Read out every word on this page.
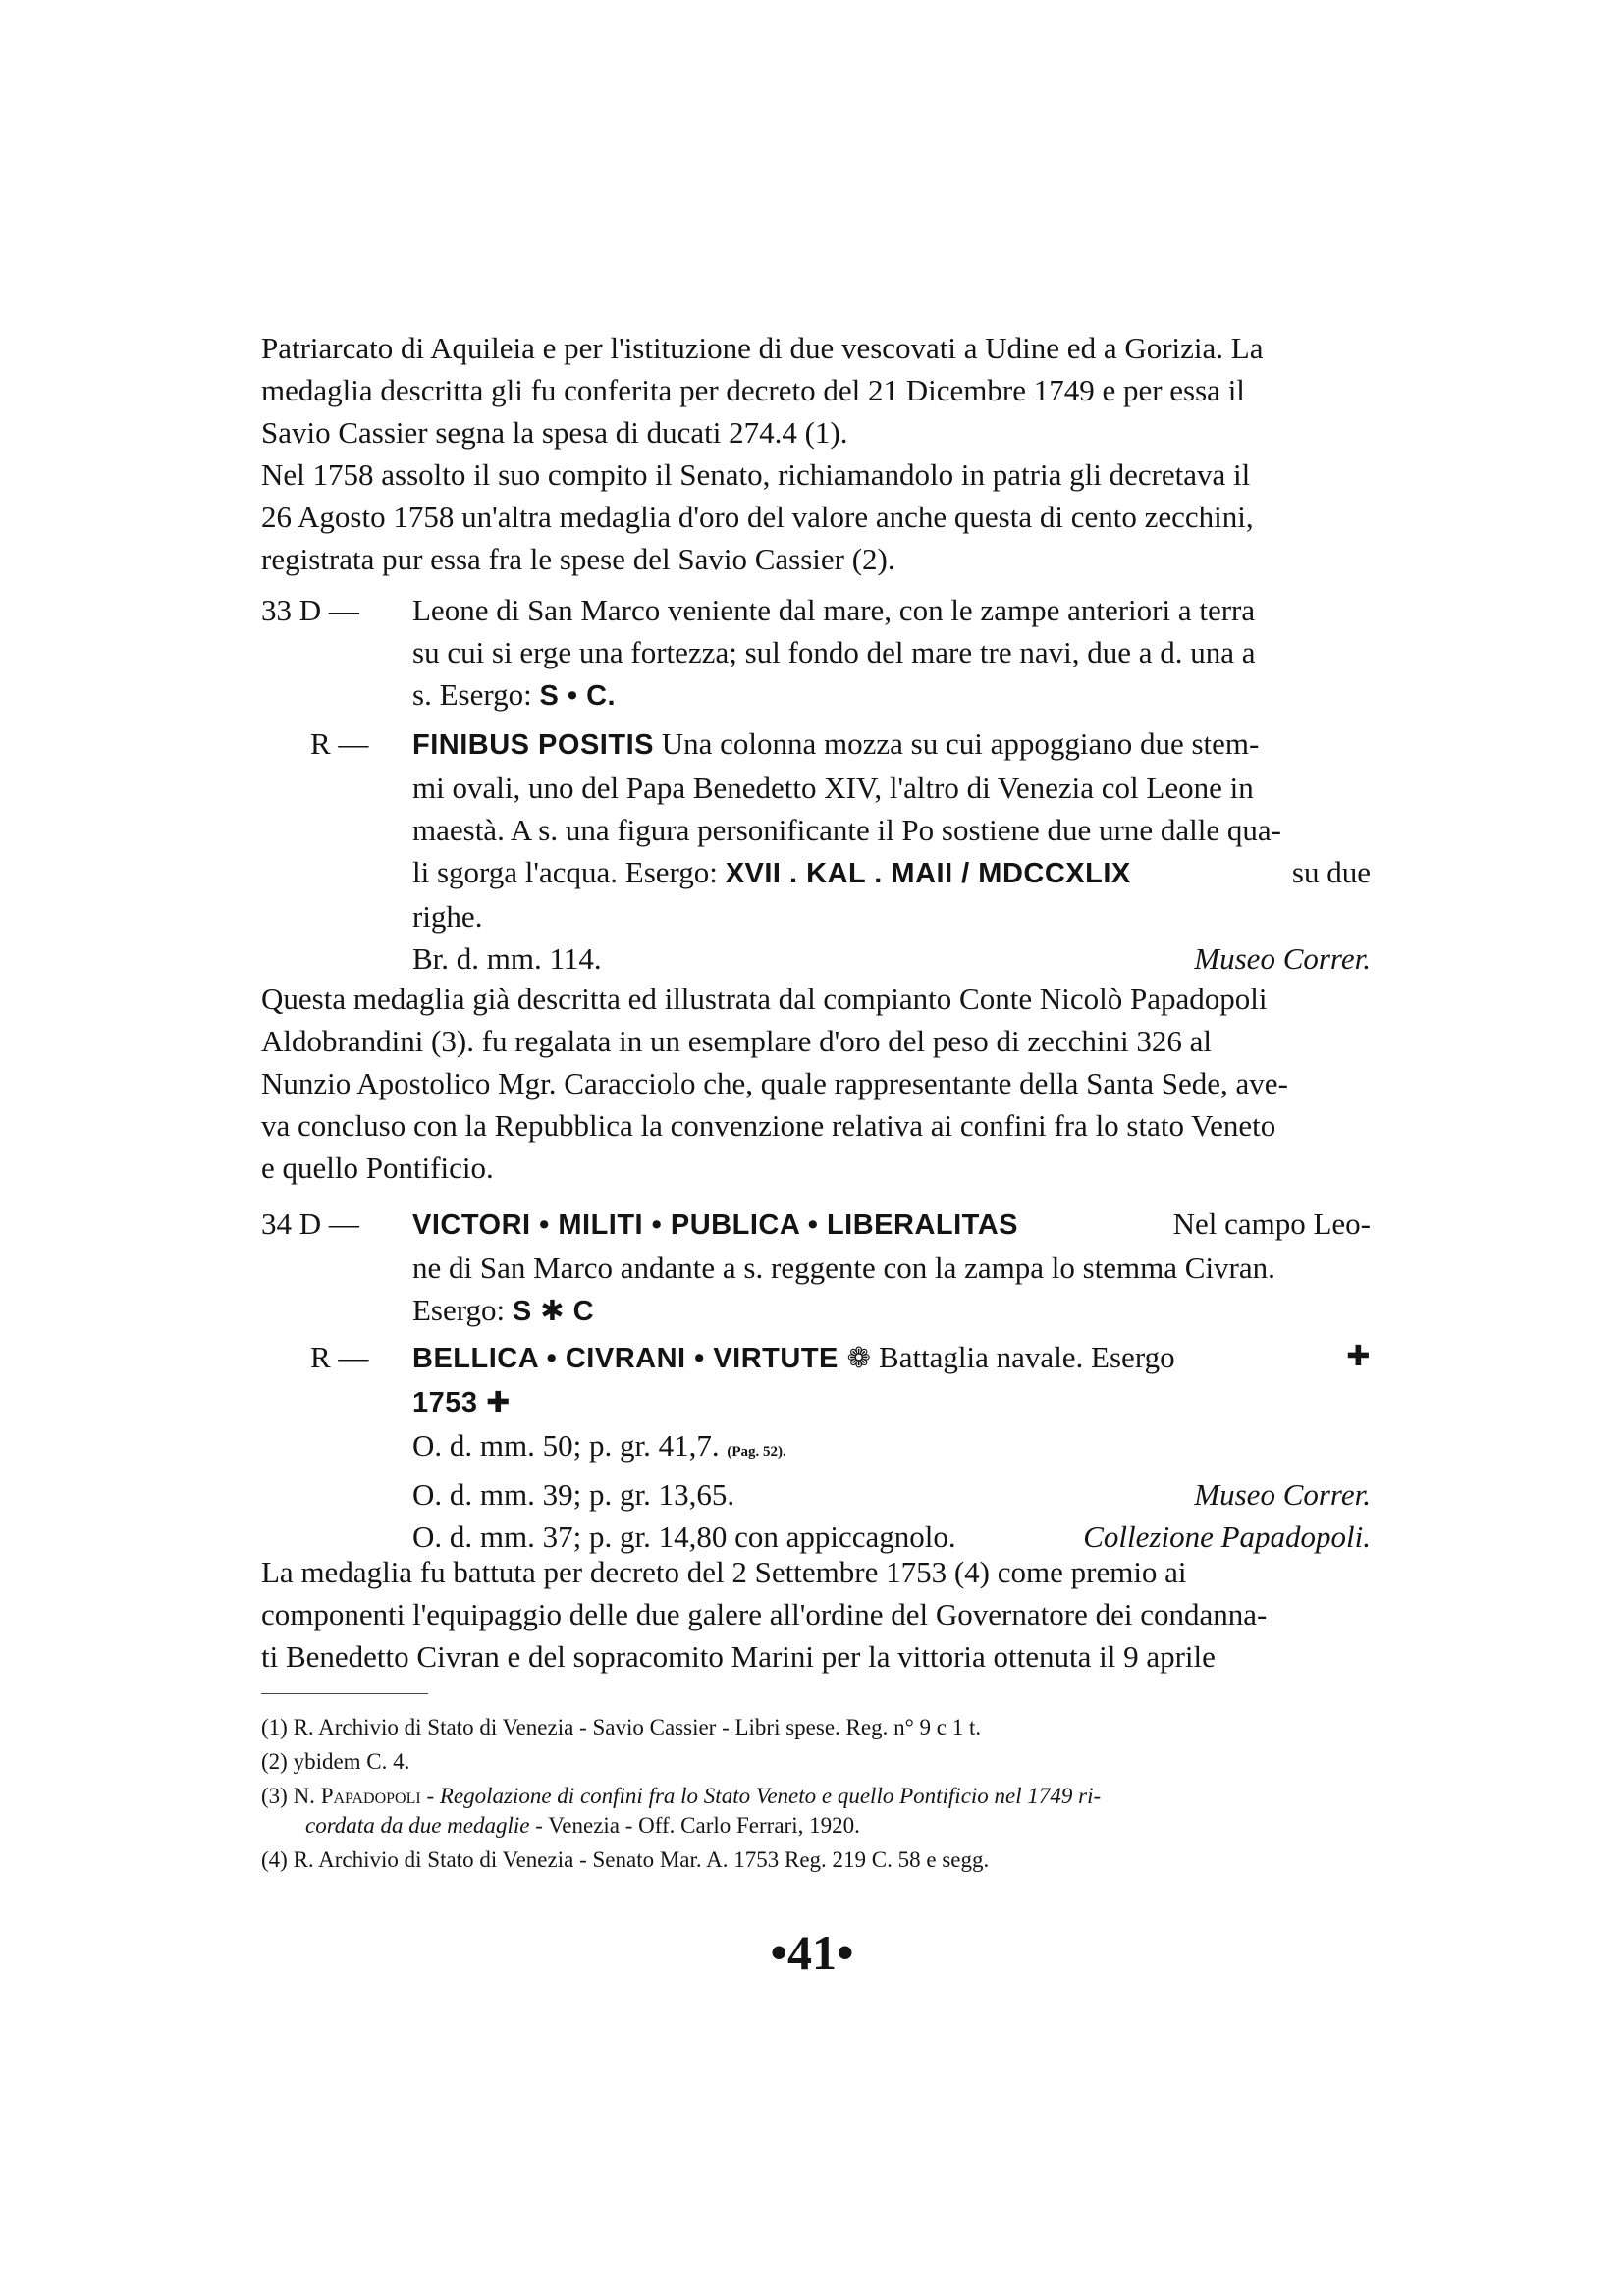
Patriarcato di Aquileia e per l'istituzione di due vescovati a Udine ed a Gorizia. La

medaglia descritta gli fu conferita per decreto del 21 Dicembre 1749 e per essa il

Savio Cassier segna la spesa di ducati 274.4 (1).

Nel 1758 assolto il suo compito il Senato, richiamandolo in patria gli decretava il

26 Agosto 1758 un'altra medaglia d'oro del valore anche questa di cento zecchini,

registrata pur essa fra le spese del Savio Cassier (2).

33 D — Leone di San Marco veniente dal mare, con le zampe anteriori a terra

su cui si erge una fortezza; sul fondo del mare tre navi, due a d. una a

s. Esergo: S • C.

R — FINIBUS POSITIS Una colonna mozza su cui appoggiano due stem-

mi ovali, uno del Papa Benedetto XIV, l'altro di Venezia col Leone in

maestà. A s. una figura personificante il Po sostiene due urne dalle qua-

li sgorga l'acqua. Esergo: XVII . KAL . MAII / MDCCXLIX	su due

righe.

Br. d. mm. 114.	Museo Correr.

Questa medaglia già descritta ed illustrata dal compianto Conte Nicolò Papadopoli

Aldobrandini (3). fu regalata in un esemplare d'oro del peso di zecchini 326 al

Nunzio Apostolico Mgr. Caracciolo che, quale rappresentante della Santa Sede, ave-

va concluso con la Repubblica la convenzione relativa ai confini fra lo stato Veneto

e quello Pontificio.

34 D — VICTORI • MILITI • PUBLICA • LIBERALITAS	Nel campo Leo-

ne di San Marco andante a s. reggente con la zampa lo stemma Civran.

Esergo: S ✱ C

R — BELLICA • CIVRANI • VIRTUTE ❁ Battaglia navale. Esergo	✚

1753 ✚

O. d. mm. 50; p. gr. 41,7. (Pag. 52).

O. d. mm. 39; p. gr. 13,65.	Museo Correr.

O. d. mm. 37; p. gr. 14,80 con appiccagnolo.	Collezione Papadopoli.

La medaglia fu battuta per decreto del 2 Settembre 1753 (4) come premio ai

componenti l'equipaggio delle due galere all'ordine del Governatore dei condanna-

ti Benedetto Civran e del sopracomito Marini per la vittoria ottenuta il 9 aprile

(1) R. Archivio di Stato di Venezia - Savio Cassier - Libri spese. Reg. n° 9 c 1 t.
(2) ybidem C. 4.
(3) N. Papadopoli - Regolazione di confini fra lo Stato Veneto e quello Pontificio nel 1749 ri-
cordata da due medaglie - Venezia - Off. Carlo Ferrari, 1920.
(4) R. Archivio di Stato di Venezia - Senato Mar. A. 1753 Reg. 219 C. 58 e segg.
•41•
